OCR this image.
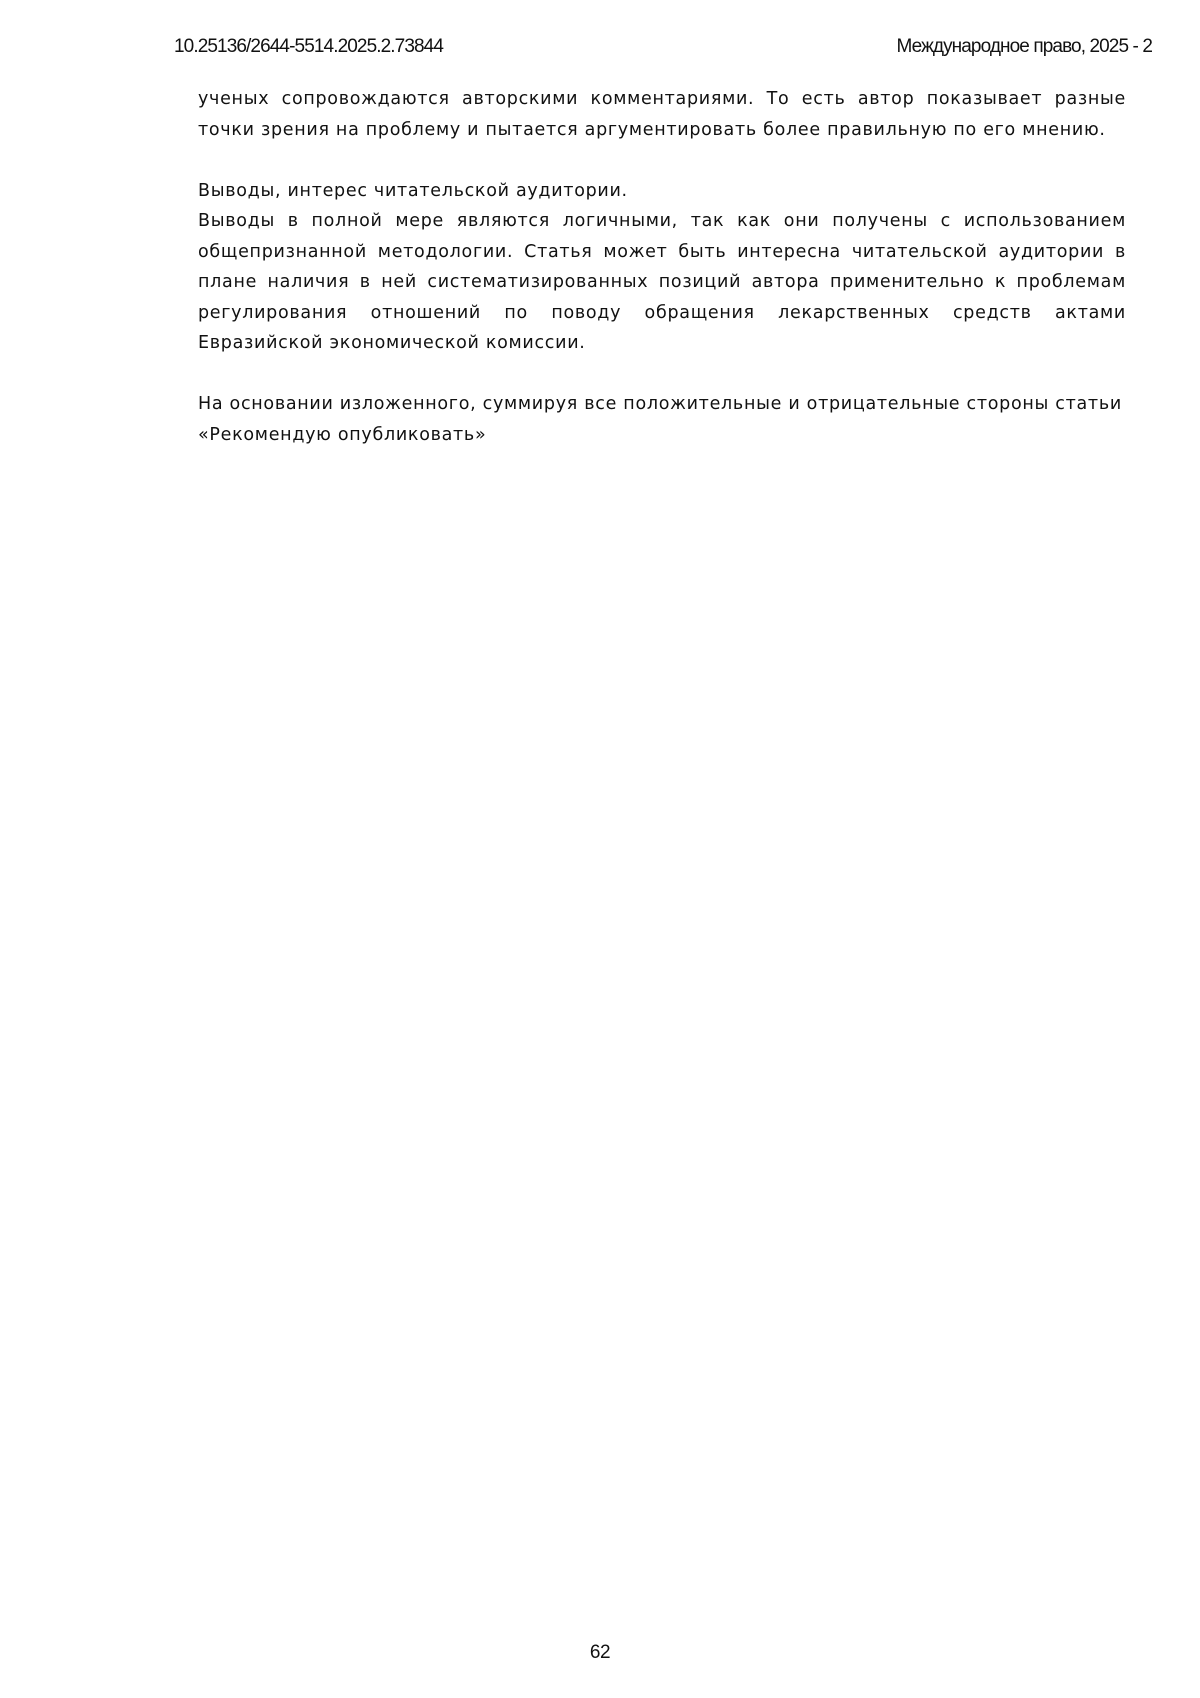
10.25136/2644-5514.2025.2.73844	Международное право, 2025 - 2

ученых сопровождаются авторскими комментариями. То есть автор показывает разные точки зрения на проблему и пытается аргументировать более правильную по его мнению.

Выводы, интерес читательской аудитории.

Выводы в полной мере являются логичными, так как они получены с использованием общепризнанной методологии. Статья может быть интересна читательской аудитории в плане наличия в ней систематизированных позиций автора применительно к проблемам регулирования отношений по поводу обращения лекарственных средств актами Евразийской экономической комиссии.

На основании изложенного, суммируя все положительные и отрицательные стороны статьи

«Рекомендую опубликовать»

62
